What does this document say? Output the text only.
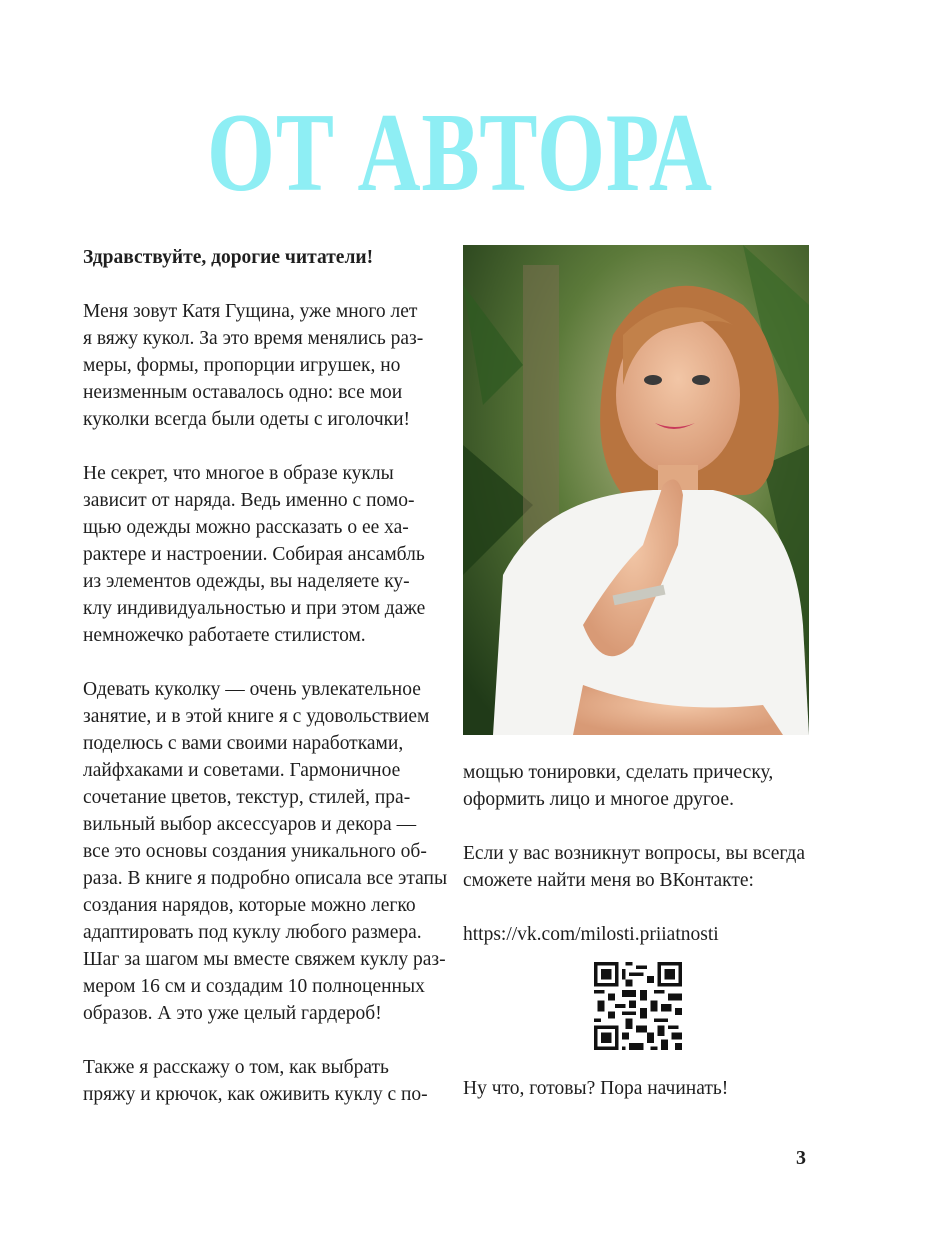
ОТ АВТОРА
Здравствуйте, дорогие читатели!
Меня зовут Катя Гущина, уже много лет
я вяжу кукол. За это время менялись раз-
меры, формы, пропорции игрушек, но
неизменным оставалось одно: все мои
куколки всегда были одеты с иголочки!
Не секрет, что многое в образе куклы
зависит от наряда. Ведь именно с помо-
щью одежды можно рассказать о ее ха-
рактере и настроении. Собирая ансамбль
из элементов одежды, вы наделяете ку-
клу индивидуальностью и при этом даже
немножечко работаете стилистом.
Одевать куколку — очень увлекательное
занятие, и в этой книге я с удовольствием
поделюсь с вами своими наработками,
лайфхаками и советами. Гармоничное
сочетание цветов, текстур, стилей, пра-
вильный выбор аксессуаров и декора —
все это основы создания уникального об-
раза. В книге я подробно описала все этапы
создания нарядов, которые можно легко
адаптировать под куклу любого размера.
Шаг за шагом мы вместе свяжем куклу раз-
мером 16 см и создадим 10 полноценных
образов. А это уже целый гардероб!
Также я расскажу о том, как выбрать
пряжу и крючок, как оживить куклу с по-
мощью тонировки, сделать прическу,
оформить лицо и многое другое.
Если у вас возникнут вопросы, вы всегда
сможете найти меня во ВКонтакте:
https://vk.com/milosti.priiatnosti
Ну что, готовы? Пора начинать!
3
